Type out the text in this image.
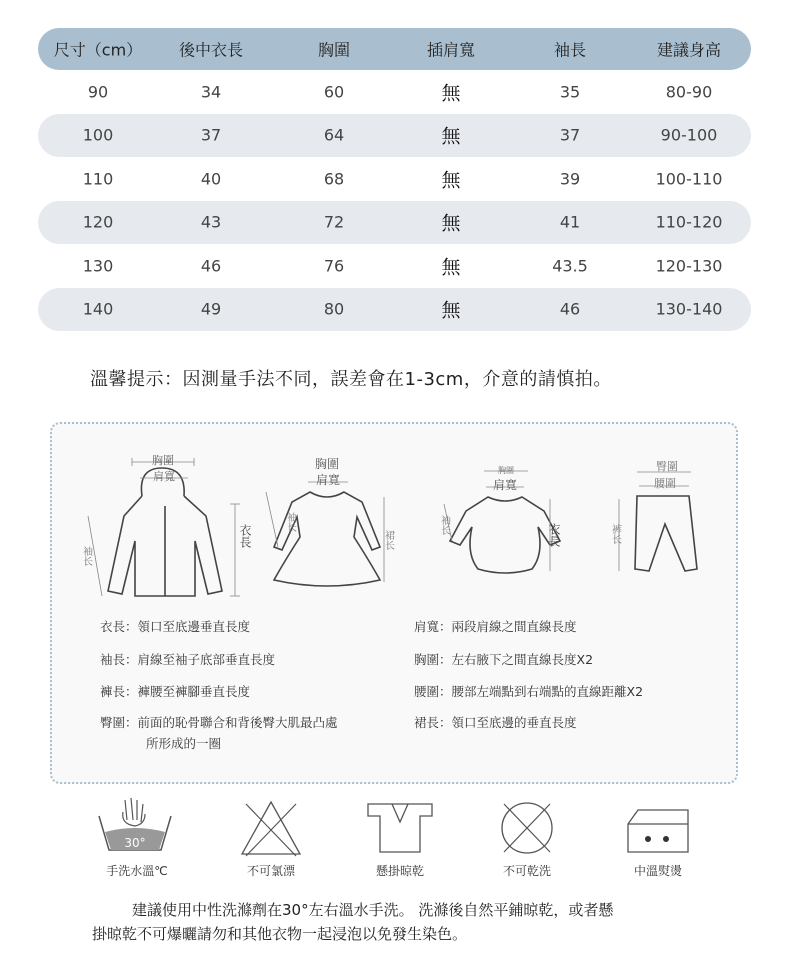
尺寸（cm） 後中衣長	胸圍	插肩寬	袖長	建議身高
90	34	60	無	35	80-90
100	37	64	無	37	90-100
110	40	68	無	39	100-110
120	43	72	無	41	110-120
130	46	76	無	43.5	120-130
140	49	80	無	46	130-140
溫馨提示：因測量手法不同，誤差會在1-3cm，介意的請慎拍。
胸圍
肩寬
衣長
袖长
胸圍
肩寬
袖长
裙长
胸圍
肩寬
衣長
袖长
臀圍
腰圍
裤长
衣長：領口至底邊垂直長度
袖長：肩線至袖子底部垂直長度
褲長：褲腰至褲腳垂直長度
臀圍：前面的恥骨聯合和背後臀大肌最凸處
所形成的一圈
肩寬：兩段肩線之間直線長度
胸圍：左右腋下之間直線長度X2
腰圍：腰部左端點到右端點的直線距離X2
裙長：領口至底邊的垂直長度
30°
手洗水溫℃	不可氯漂	懸掛晾乾	不可乾洗	中溫熨燙
建議使用中性洗滌劑在30°左右溫水手洗。 洗滌後自然平鋪晾乾，或者懸
掛晾乾不可爆曬請勿和其他衣物一起浸泡以免發生染色。
